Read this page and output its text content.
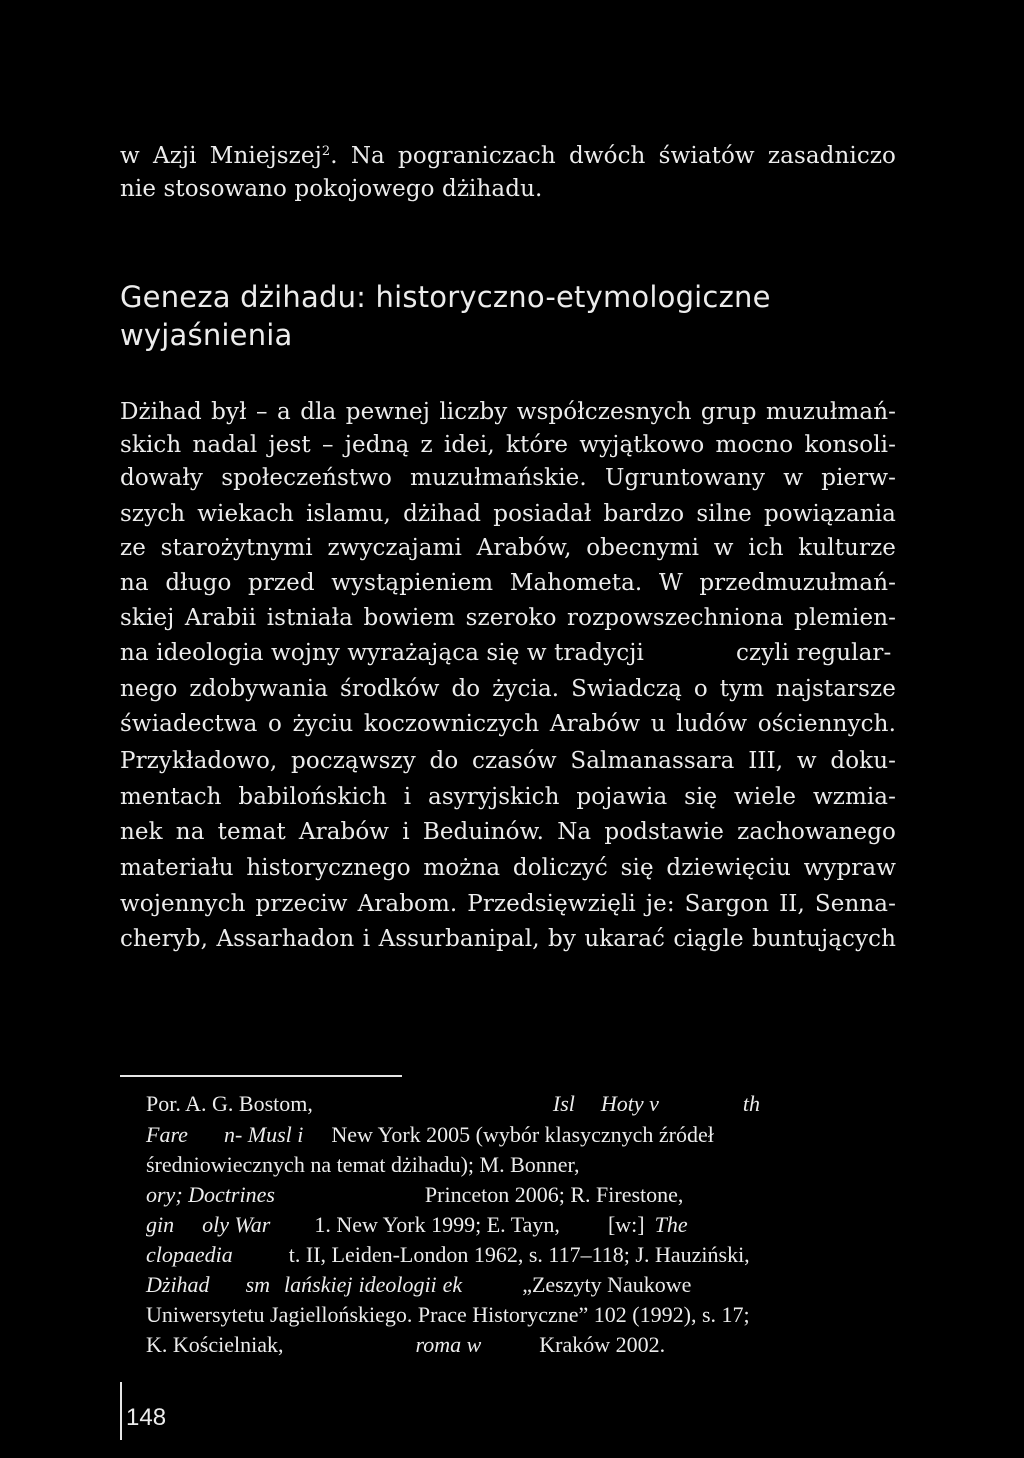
w Azji Mniejszej$^2$. Na pograniczach dwóch światów zasadniczo

nie stosowano pokojowego dżihadu.

Geneza dżihadu: historyczno-etymologiczne
wyjaśnienia

Dżihad był – a dla pewnej liczby współczesnych grup muzułmań-

skich nadal jest – jedną z idei, które wyjątkowo mocno konsoli-

dowały społeczeństwo muzułmańskie. Ugruntowany w pierw-

szych wiekach islamu, dżihad posiadał bardzo silne powiązania

ze starożytnymi zwyczajami Arabów, obecnymi w ich kulturze

na długo przed wystąpieniem Mahometa. W przedmuzułmań-

skiej Arabii istniała bowiem szeroko rozpowszechniona plemien-

na ideologia wojny wyrażająca się w tradycji	czyli regular-

nego zdobywania środków do życia. Swiadczą o tym najstarsze

świadectwa o życiu koczowniczych Arabów u ludów ościennych.

Przykładowo, począwszy do czasów Salmanassara III, w doku-

mentach babilońskich i asyryjskich pojawia się wiele wzmia-

nek na temat Arabów i Beduinów. Na podstawie zachowanego

materiału historycznego można doliczyć się dziewięciu wypraw

wojennych przeciw Arabom. Przedsięwzięli je: Sargon II, Senna-

cheryb, Assarhadon i Assurbanipal, by ukarać ciągle buntujących

Por. A. G. Bostom,	Isl Hoty v	th

Fare n- Musl i New York 2005 (wybór klasycznych źródeł

średniowiecznych na temat dżihadu); M. Bonner,

ory; Doctrines	Princeton 2006; R. Firestone,

gin oly War 1. New York 1999; E. Tayn, [w:] The

clopaedia	t. II, Leiden-London 1962, s. 117–118; J. Hauziński,

Dżihad sm lańskiej ideologii ek	„Zeszyty Naukowe

Uniwersytetu Jagiellońskiego. Prace Historyczne” 102 (1992), s. 17;

K. Kościelniak,	roma w	Kraków 2002.

148
